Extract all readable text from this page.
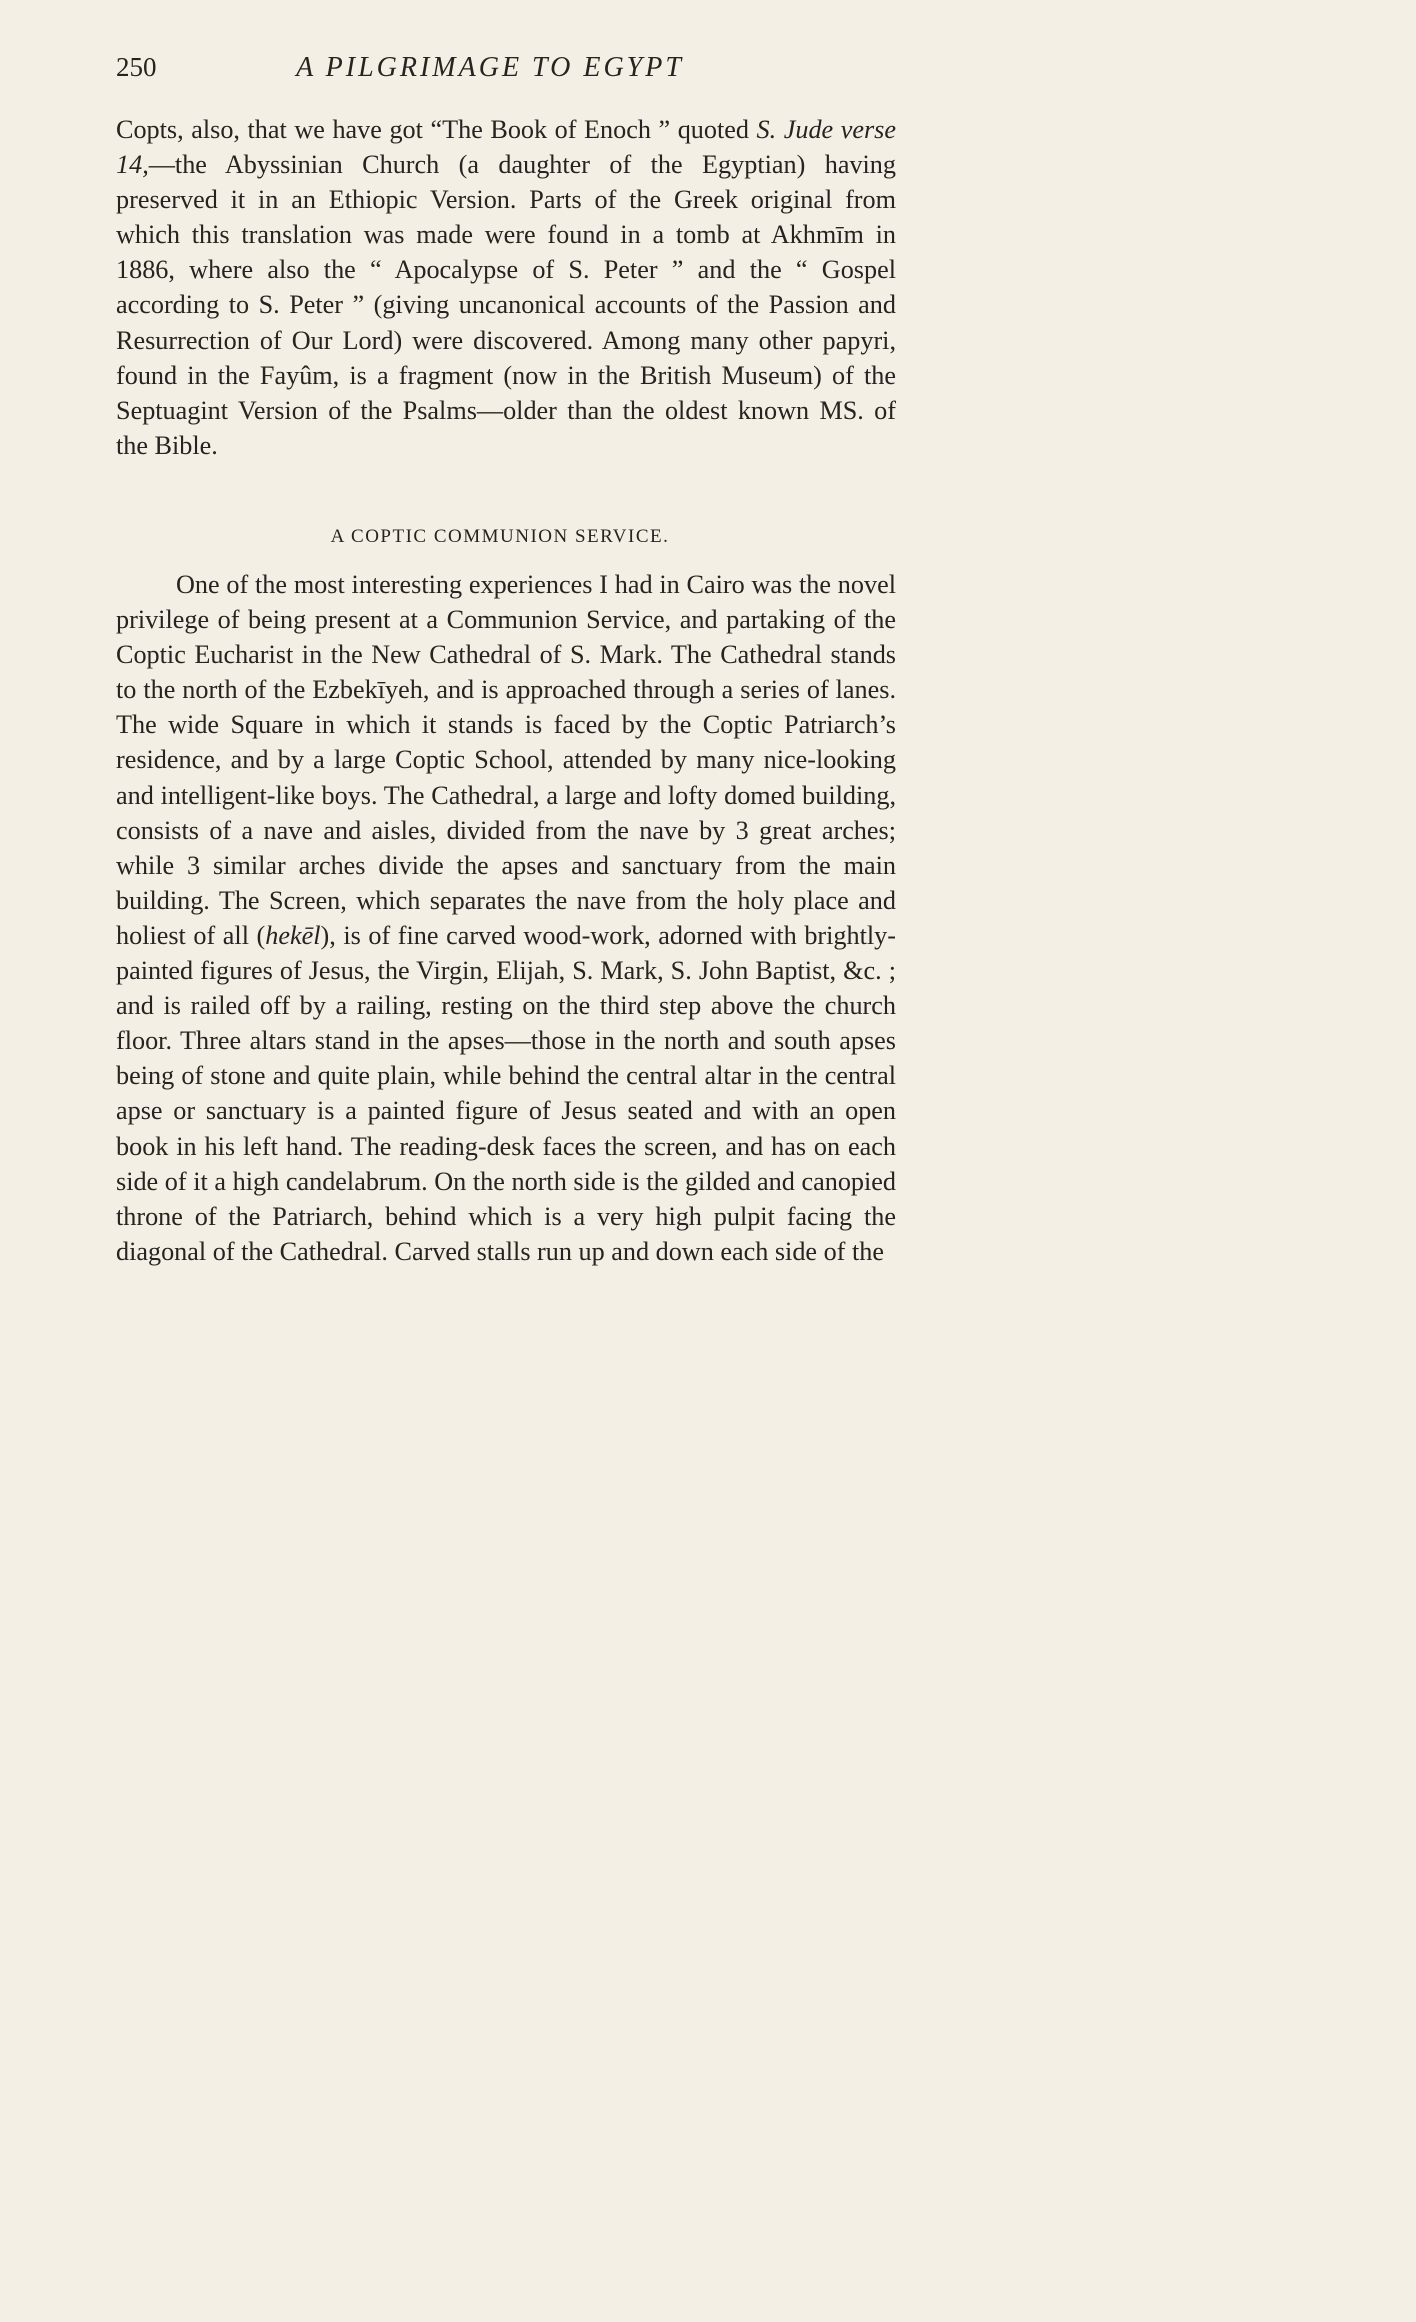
250	A PILGRIMAGE TO EGYPT

Copts, also, that we have got “The Book of Enoch ” quoted S. Jude verse 14,—the Abyssinian Church (a daughter of the Egyptian) having preserved it in an Ethiopic Version. Parts of the Greek original from which this translation was made were found in a tomb at Akhmīm in 1886, where also the “ Apocalypse of S. Peter ” and the “ Gospel according to S. Peter ” (giving uncanonical accounts of the Passion and Resurrection of Our Lord) were discovered. Among many other papyri, found in the Fayûm, is a fragment (now in the British Museum) of the Septuagint Version of the Psalms—older than the oldest known MS. of the Bible.

A COPTIC COMMUNION SERVICE.

One of the most interesting experiences I had in Cairo was the novel privilege of being present at a Communion Service, and partaking of the Coptic Eucharist in the New Cathedral of S. Mark. The Cathedral stands to the north of the Ezbekīyeh, and is approached through a series of lanes. The wide Square in which it stands is faced by the Coptic Patriarch’s residence, and by a large Coptic School, attended by many nice-looking and intelligent-like boys. The Cathedral, a large and lofty domed building, consists of a nave and aisles, divided from the nave by 3 great arches; while 3 similar arches divide the apses and sanctuary from the main building. The Screen, which separates the nave from the holy place and holiest of all (hekēl), is of fine carved wood-work, adorned with brightly-painted figures of Jesus, the Virgin, Elijah, S. Mark, S. John Baptist, &c. ; and is railed off by a railing, resting on the third step above the church floor. Three altars stand in the apses—those in the north and south apses being of stone and quite plain, while behind the central altar in the central apse or sanctuary is a painted figure of Jesus seated and with an open book in his left hand. The reading-desk faces the screen, and has on each side of it a high candelabrum. On the north side is the gilded and canopied throne of the Patriarch, behind which is a very high pulpit facing the diagonal of the Cathedral. Carved stalls run up and down each side of the
